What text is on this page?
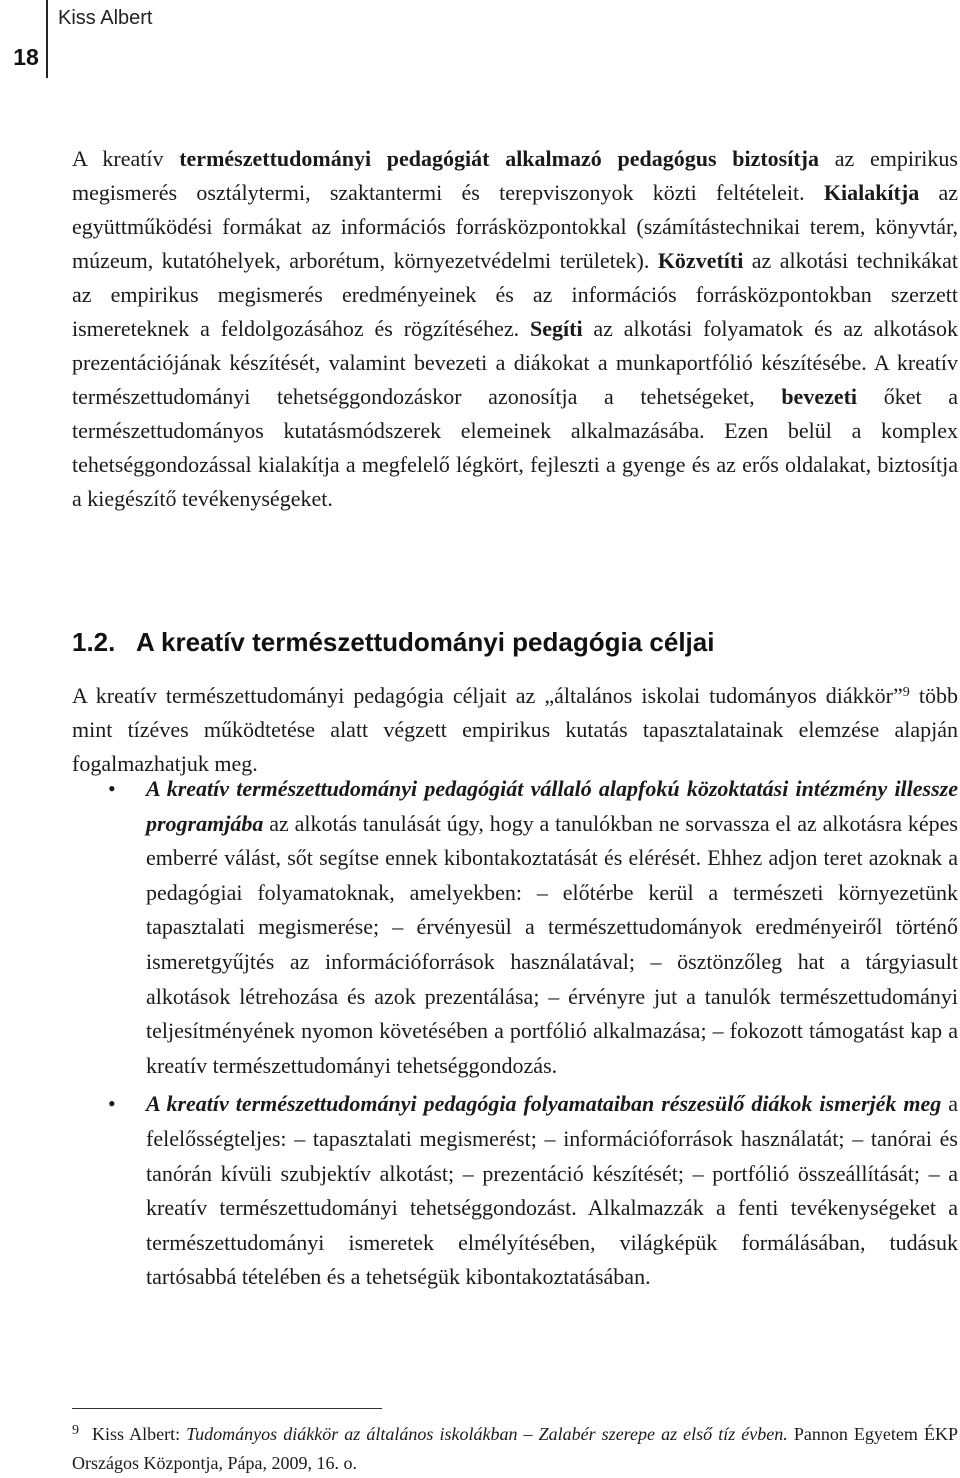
18
Kiss Albert
A kreatív természettudományi pedagógiát alkalmazó pedagógus biztosítja az empirikus megismerés osztálytermi, szaktantermi és terepviszonyok közti feltételeit. Kialakítja az együttműködési formákat az információs forrásközpontokkal (számítástechnikai terem, könyvtár, múzeum, kutatóhelyek, arborétum, környezetvédelmi területek). Közvetíti az alkotási technikákat az empirikus megismerés eredményeinek és az információs forrásközpontokban szerzett ismereteknek a feldolgozásához és rögzítéséhez. Segíti az alkotási folyamatok és az alkotások prezentációjának készítését, valamint bevezeti a diákokat a munkaportfólió készítésébe. A kreatív természettudományi tehetséggondozáskor azonosítja a tehetségeket, bevezeti őket a természettudományos kutatásmódszerek elemeinek alkalmazásába. Ezen belül a komplex tehetséggondozással kialakítja a megfelelő légkört, fejleszti a gyenge és az erős oldalakat, biztosítja a kiegészítő tevékenységeket.
1.2. A kreatív természettudományi pedagógia céljai
A kreatív természettudományi pedagógia céljait az „általános iskolai tudományos diákkör”$^9$ több mint tízéves működtetése alatt végzett empirikus kutatás tapasztalatainak elemzése alapján fogalmazhatjuk meg.
• A kreatív természettudományi pedagógiát vállaló alapfokú közoktatási intézmény illessze programjába az alkotás tanulását úgy, hogy a tanulókban ne sorvassza el az alkotásra képes emberré válást, sőt segítse ennek kibontakoztatását és elérését. Ehhez adjon teret azoknak a pedagógiai folyamatoknak, amelyekben: – előtérbe kerül a természeti környezetünk tapasztalati megismerése; – érvényesül a természettudományok eredményeiről történő ismeretgyűjtés az információforrások használatával; – ösztönzőleg hat a tárgyiasult alkotások létrehozása és azok prezentálása; – érvényre jut a tanulók természettudományi teljesítményének nyomon követésében a portfólió alkalmazása; – fokozott támogatást kap a kreatív természettudományi tehetséggondozás.
• A kreatív természettudományi pedagógia folyamataiban részesülő diákok ismerjék meg a felelősségteljes: – tapasztalati megismerést; – információforrások használatát; – tanórai és tanórán kívüli szubjektív alkotást; – prezentáció készítését; – portfólió összeállítását; – a kreatív természettudományi tehetséggondozást. Alkalmazzák a fenti tevékenységeket a természettudományi ismeretek elmélyítésében, világképük formálásában, tudásuk tartósabbá tételében és a tehetségük kibontakoztatásában.
9 Kiss Albert: Tudományos diákkör az általános iskolákban – Zalabér szerepe az első tíz évben. Pannon Egyetem ÉKP Országos Központja, Pápa, 2009, 16. o.
